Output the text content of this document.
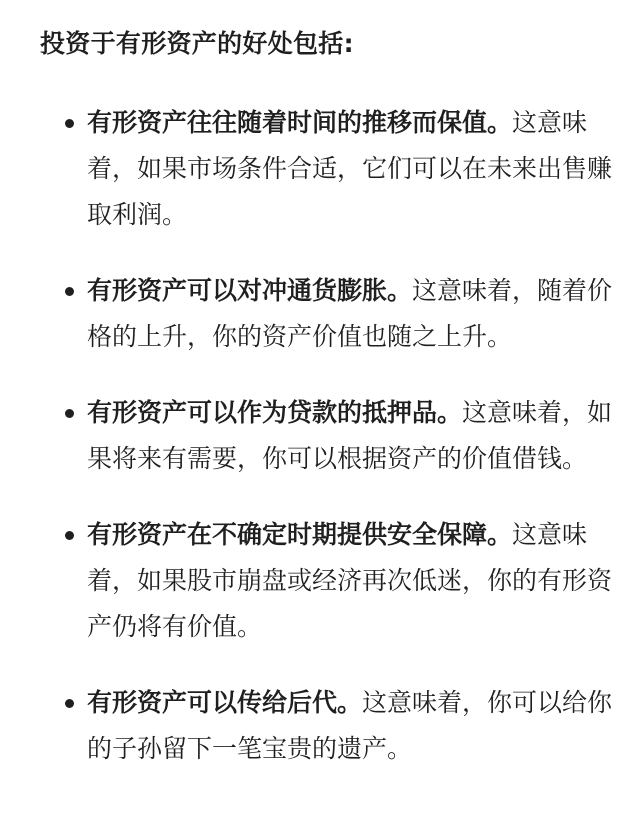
投资于有形资产的好处包括:
有形资产往往随着时间的推移而保值。这意味着，如果市场条件合适，它们可以在未来出售赚取利润。
有形资产可以对冲通货膨胀。这意味着，随着价格的上升，你的资产价值也随之上升。
有形资产可以作为贷款的抵押品。这意味着，如果将来有需要，你可以根据资产的价值借钱。
有形资产在不确定时期提供安全保障。这意味着，如果股市崩盘或经济再次低迷，你的有形资产仍将有价值。
有形资产可以传给后代。这意味着，你可以给你的子孙留下一笔宝贵的遗产。
